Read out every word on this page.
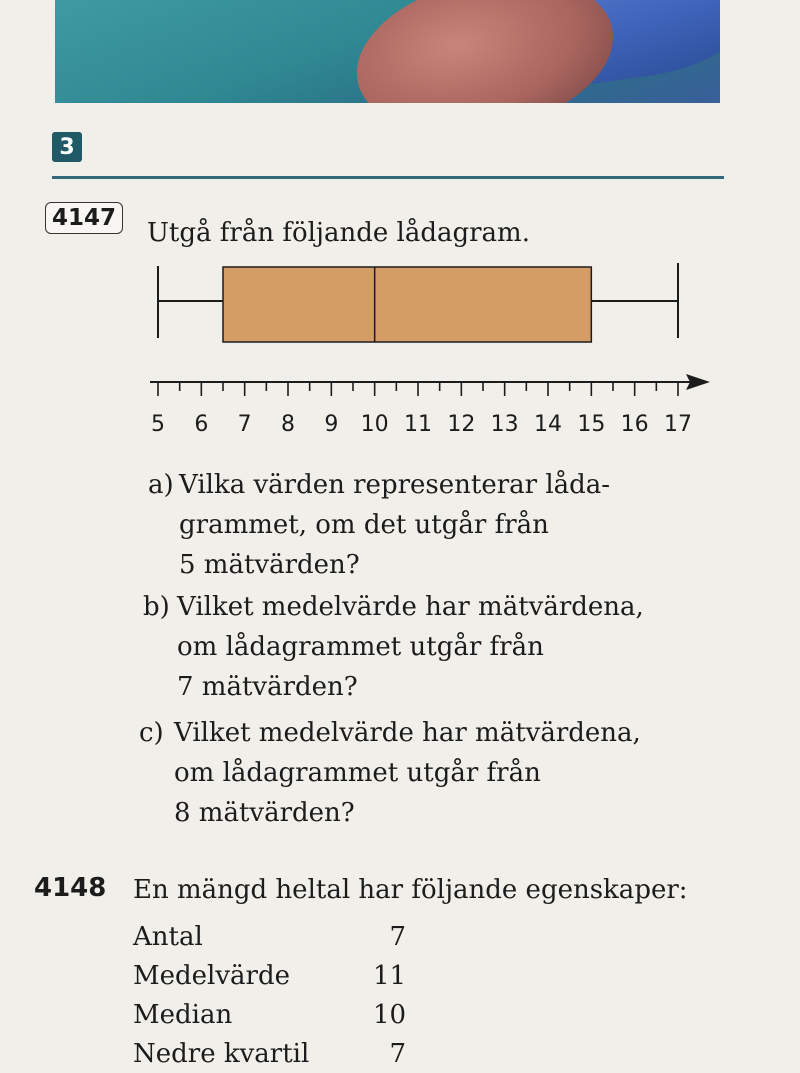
3
4147 Utgå från följande lådagram.
5 6 7 8 9 10 11 12 13 14 15 16 17
a) Vilka värden representerar låda-
grammet, om det utgår från
5 mätvärden?
b) Vilket medelvärde har mätvärdena,
om lådagrammet utgår från
7 mätvärden?
c) Vilket medelvärde har mätvärdena,
om lådagrammet utgår från
8 mätvärden?
4148 En mängd heltal har följande egenskaper:
Antal	7
Medelvärde	11
Median	10
Nedre kvartil	7
